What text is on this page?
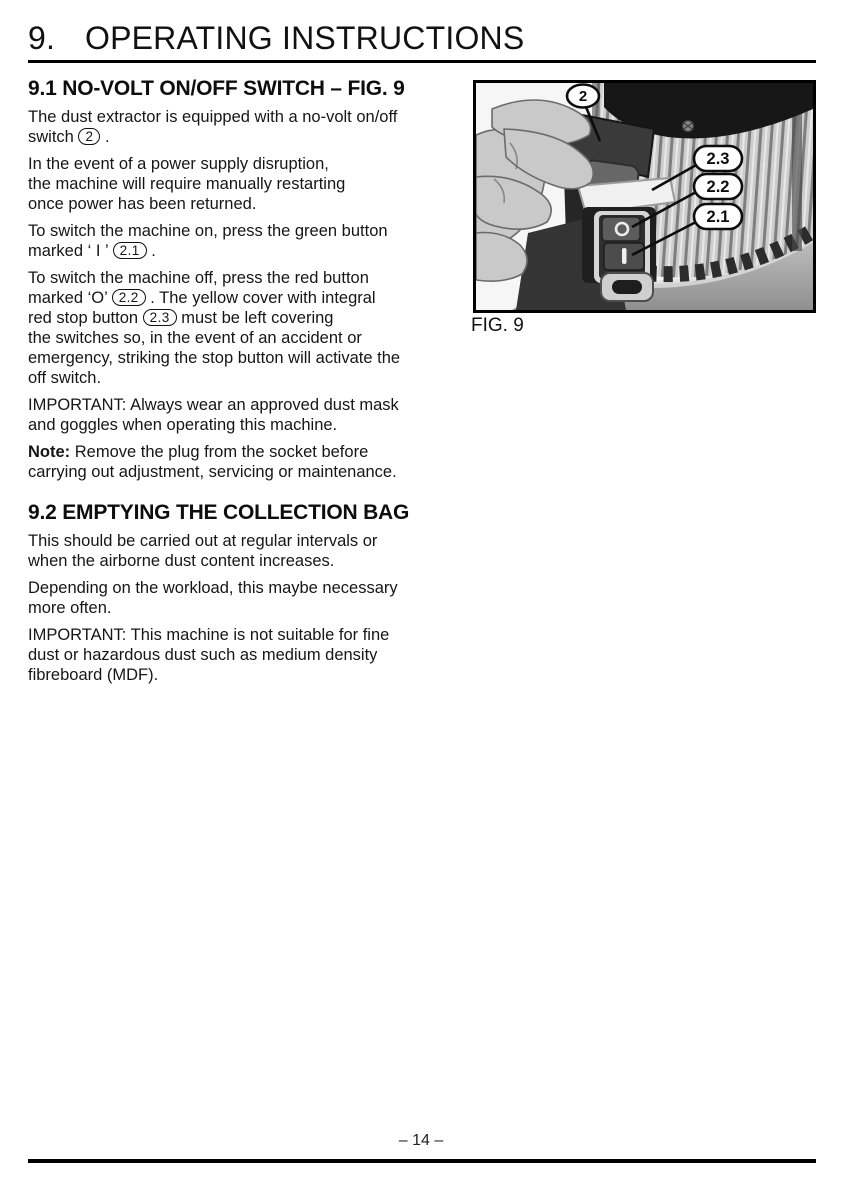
9. OPERATING INSTRUCTIONS
9.1 NO-VOLT ON/OFF SWITCH – FIG. 9

The dust extractor is equipped with a no-volt on/off
switch 2 .

In the event of a power supply disruption,
the machine will require manually restarting
once power has been returned.

To switch the machine on, press the green button
marked ‘ I ’ 2.1 .

To switch the machine off, press the red button
marked ‘O’ 2.2 . The yellow cover with integral
red stop button 2.3 must be left covering
the switches so, in the event of an accident or
emergency, striking the stop button will activate the
off switch.

IMPORTANT: Always wear an approved dust mask
and goggles when operating this machine.

Note: Remove the plug from the socket before
carrying out adjustment, servicing or maintenance.

9.2 EMPTYING THE COLLECTION BAG

This should be carried out at regular intervals or
when the airborne dust content increases.

Depending on the workload, this maybe necessary
more often.

IMPORTANT: This machine is not suitable for fine
dust or hazardous dust such as medium density
fibreboard (MDF).

2
2.3
2.2
2.1
FIG. 9
– 14 –
